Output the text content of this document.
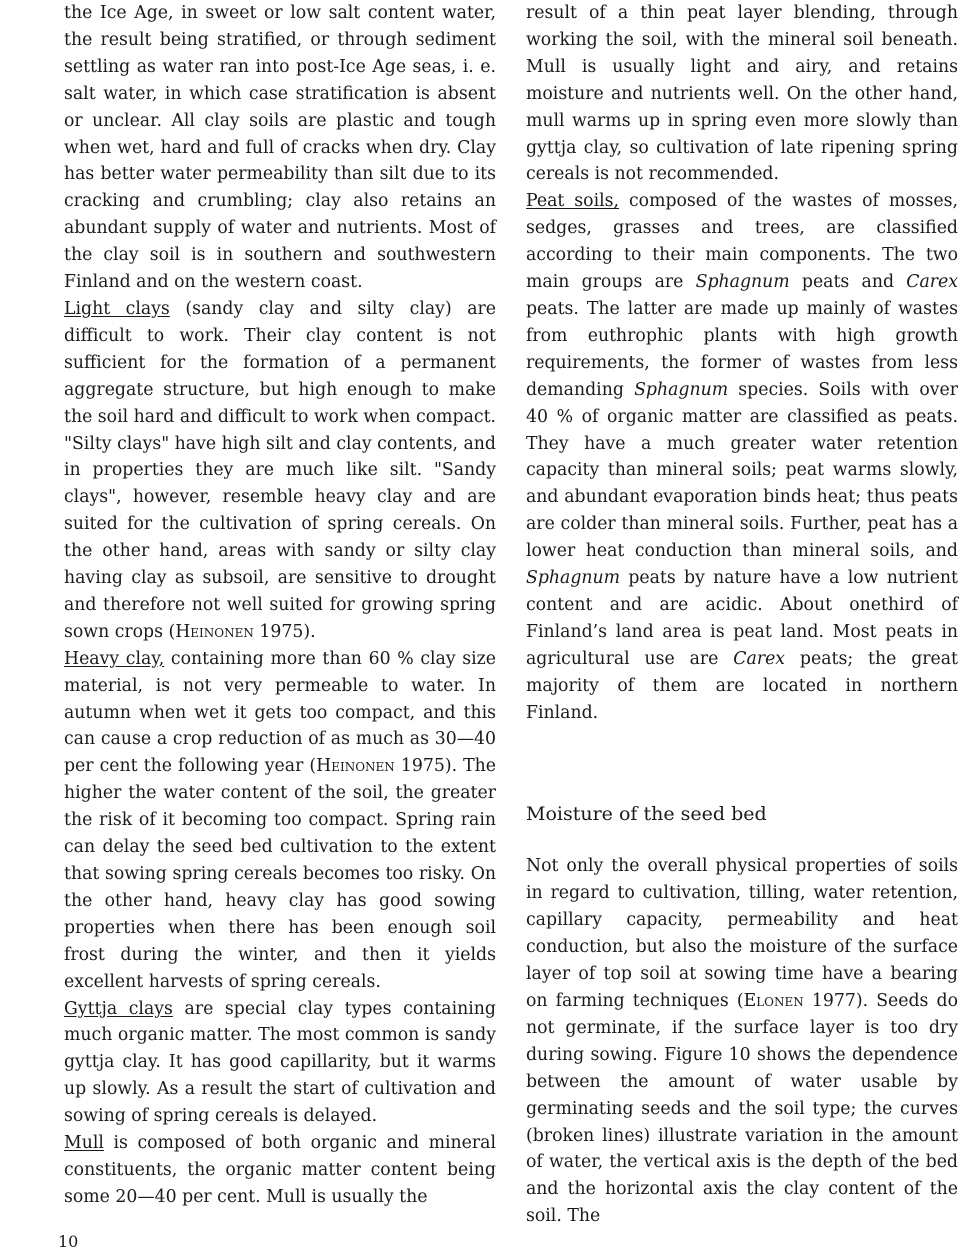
the Ice Age, in sweet or low salt content water, the result being stratified, or through sediment settling as water ran into post-Ice Age seas, i. e. salt water, in which case stratification is absent or unclear. All clay soils are plastic and tough when wet, hard and full of cracks when dry. Clay has better water permeability than silt due to its cracking and crumbling; clay also retains an abundant supply of water and nutrients. Most of the clay soil is in southern and southwestern Finland and on the western coast.

Light clays (sandy clay and silty clay) are difficult to work. Their clay content is not sufficient for the formation of a permanent aggregate structure, but high enough to make the soil hard and difficult to work when compact. "Silty clays" have high silt and clay contents, and in properties they are much like silt. "Sandy clays", however, resemble heavy clay and are suited for the cultivation of spring cereals. On the other hand, areas with sandy or silty clay having clay as subsoil, are sensitive to drought and therefore not well suited for growing spring sown crops (Heinonen 1975).

Heavy clay, containing more than 60 % clay size material, is not very permeable to water. In autumn when wet it gets too compact, and this can cause a crop reduction of as much as 30—40 per cent the following year (Heinonen 1975). The higher the water content of the soil, the greater the risk of it becoming too compact. Spring rain can delay the seed bed cultivation to the extent that sowing spring cereals becomes too risky. On the other hand, heavy clay has good sowing properties when there has been enough soil frost during the winter, and then it yields excellent harvests of spring cereals.

Gyttja clays are special clay types containing much organic matter. The most common is sandy gyttja clay. It has good capillarity, but it warms up slowly. As a result the start of cultivation and sowing of spring cereals is delayed.

Mull is composed of both organic and mineral constituents, the organic matter content being some 20—40 per cent. Mull is usually the

result of a thin peat layer blending, through working the soil, with the mineral soil beneath. Mull is usually light and airy, and retains moisture and nutrients well. On the other hand, mull warms up in spring even more slowly than gyttja clay, so cultivation of late ripening spring cereals is not recommended.

Peat soils, composed of the wastes of mosses, sedges, grasses and trees, are classified according to their main components. The two main groups are Sphagnum peats and Carex peats. The latter are made up mainly of wastes from euthrophic plants with high growth requirements, the former of wastes from less demanding Sphagnum species. Soils with over 40 % of organic matter are classified as peats. They have a much greater water retention capacity than mineral soils; peat warms slowly, and abundant evaporation binds heat; thus peats are colder than mineral soils. Further, peat has a lower heat conduction than mineral soils, and Sphagnum peats by nature have a low nutrient content and are acidic. About onethird of Finland’s land area is peat land. Most peats in agricultural use are Carex peats; the great majority of them are located in northern Finland.

Moisture of the seed bed

Not only the overall physical properties of soils in regard to cultivation, tilling, water retention, capillary capacity, permeability and heat conduction, but also the moisture of the surface layer of top soil at sowing time have a bearing on farming techniques (Elonen 1977). Seeds do not germinate, if the surface layer is too dry during sowing. Figure 10 shows the dependence between the amount of water usable by germinating seeds and the soil type; the curves (broken lines) illustrate variation in the amount of water, the vertical axis is the depth of the bed and the horizontal axis the clay content of the soil. The

10
